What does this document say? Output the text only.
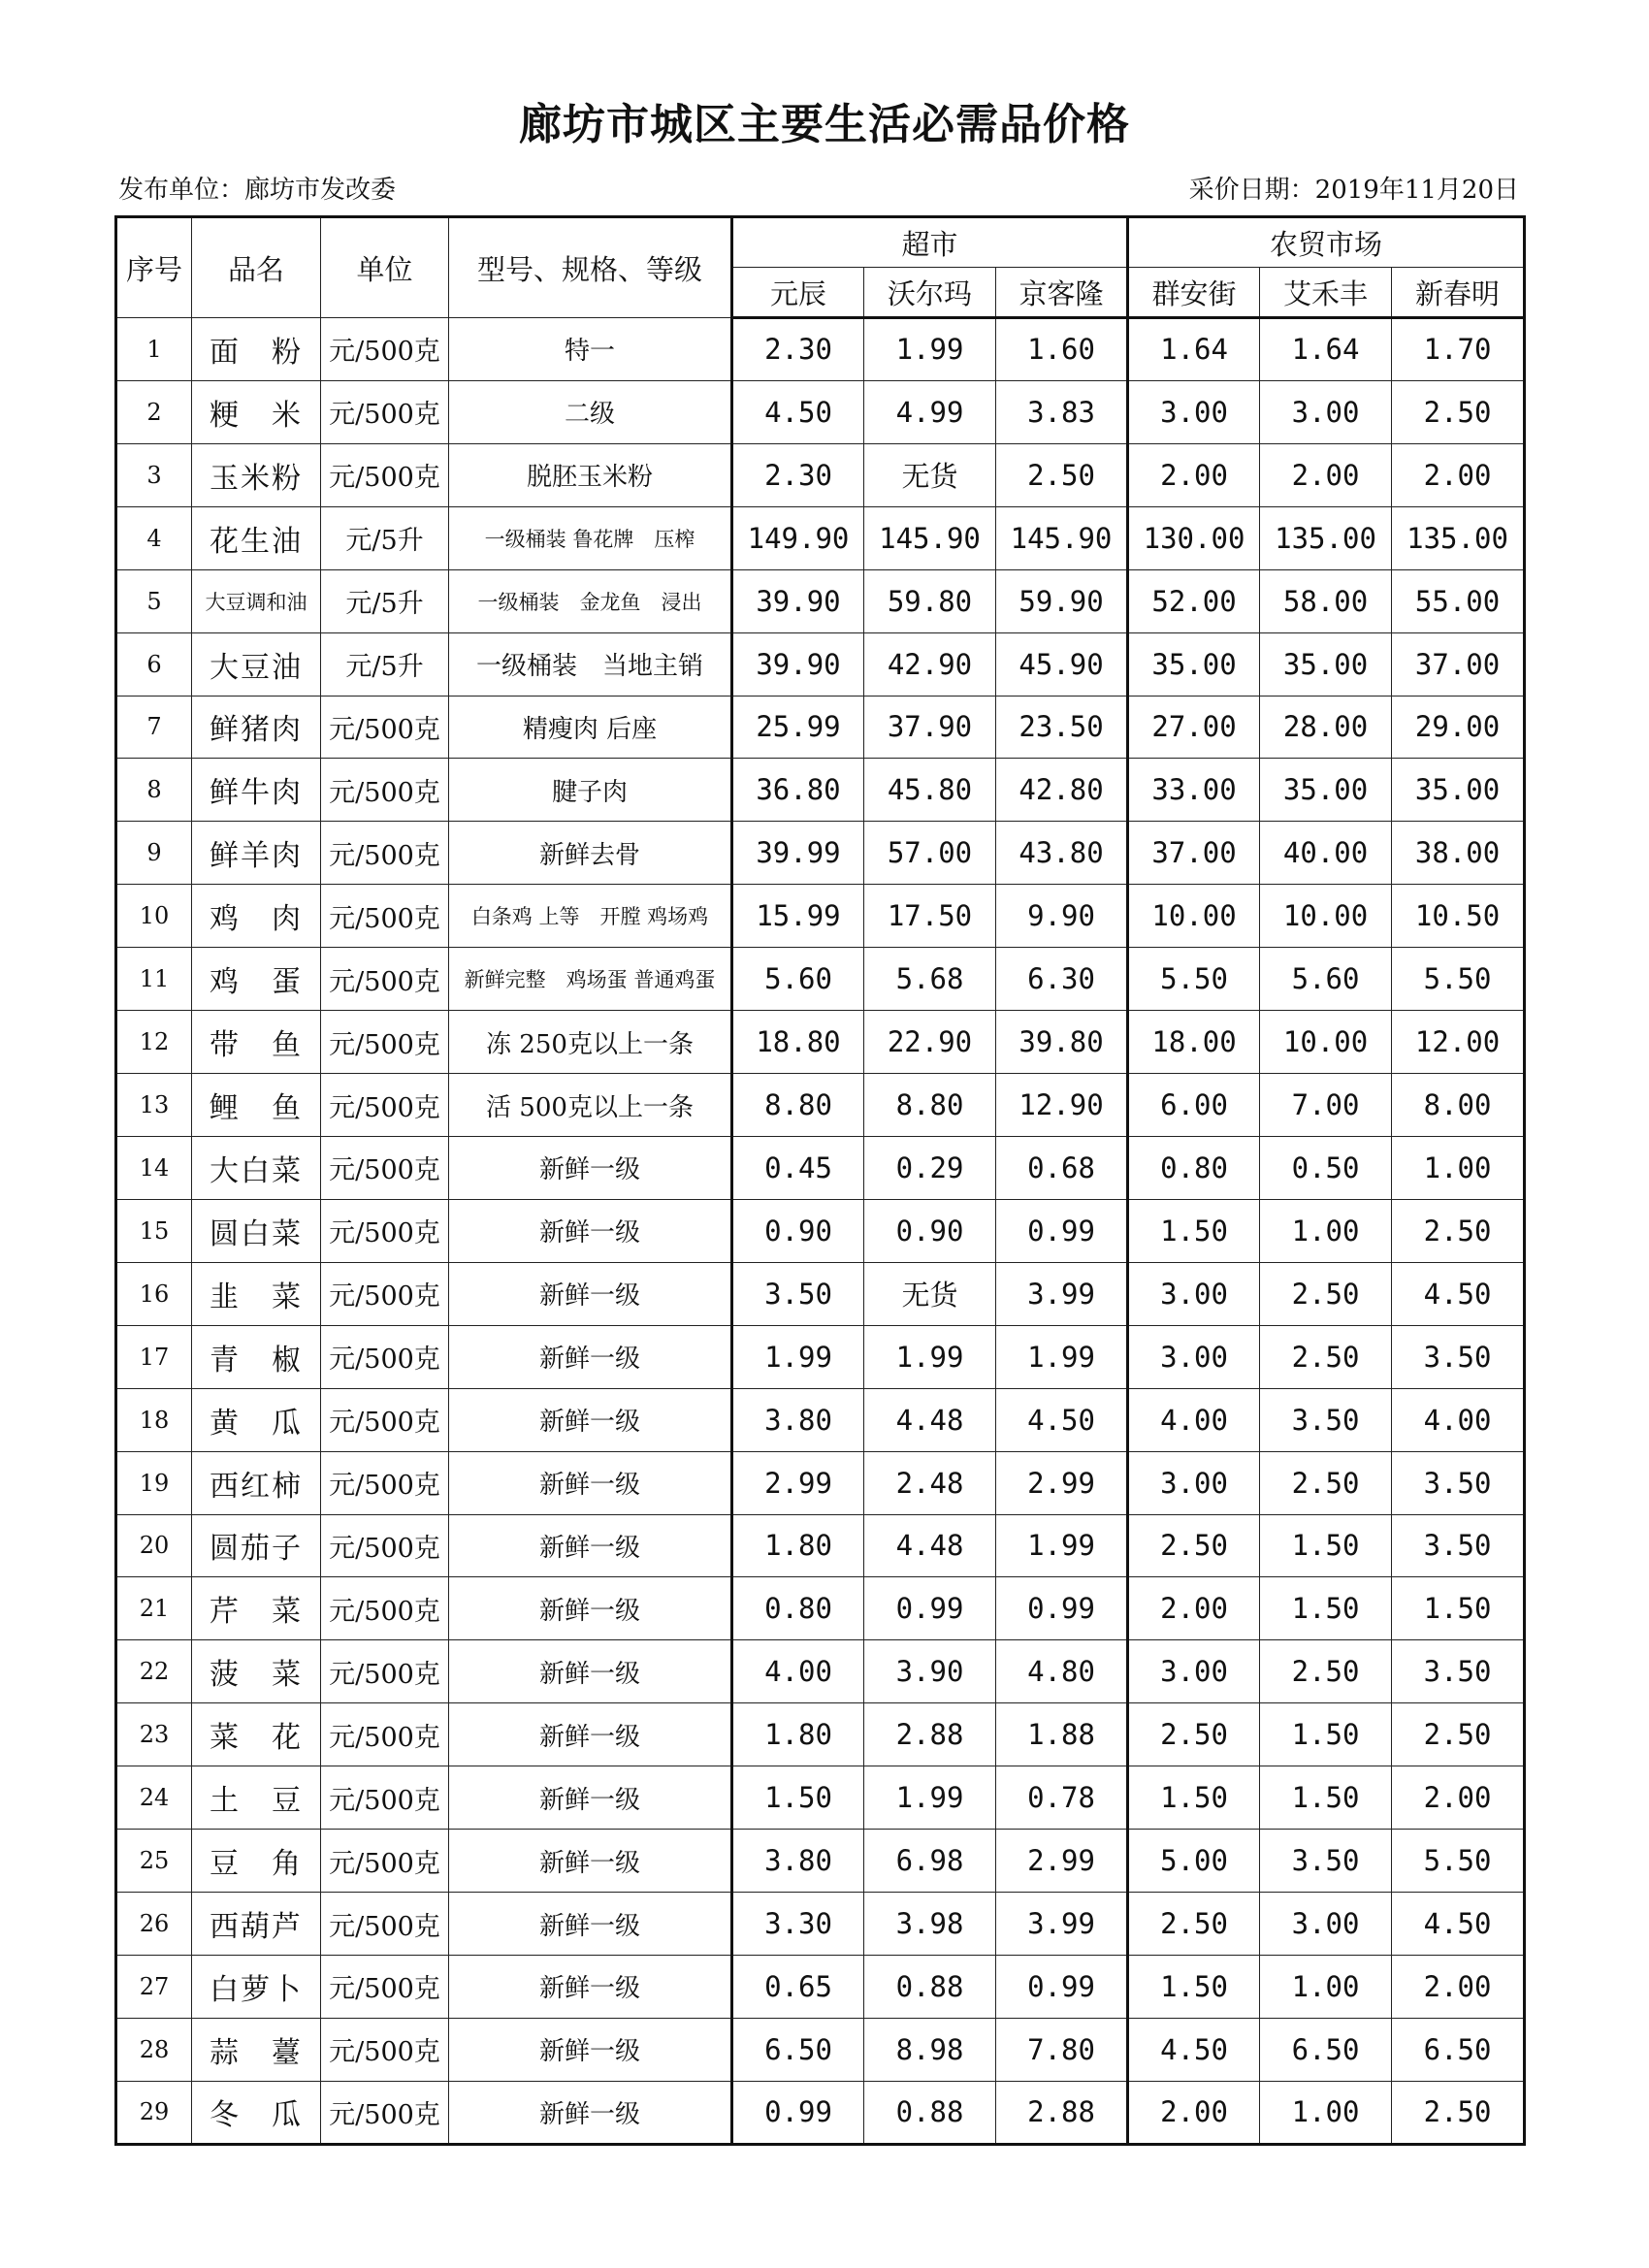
廊坊市城区主要生活必需品价格
发布单位：廊坊市发改委	采价日期：2019年11月20日
序号	品名	单位	型号、规格、等级	超市			农贸市场		
				元辰	沃尔玛	京客隆	群安街	艾禾丰	新春明
1	面　粉	元/500克	特一	2.30	1.99	1.60	1.64	1.64	1.70
2	粳　米	元/500克	二级	4.50	4.99	3.83	3.00	3.00	2.50
3	玉米粉	元/500克	脱胚玉米粉	2.30	无货	2.50	2.00	2.00	2.00
4	花生油	元/5升	一级桶装 鲁花牌　压榨	149.90	145.90	145.90	130.00	135.00	135.00
5	大豆调和油	元/5升	一级桶装　金龙鱼　浸出	39.90	59.80	59.90	52.00	58.00	55.00
6	大豆油	元/5升	一级桶装　当地主销	39.90	42.90	45.90	35.00	35.00	37.00
7	鲜猪肉	元/500克	精瘦肉 后座	25.99	37.90	23.50	27.00	28.00	29.00
8	鲜牛肉	元/500克	腱子肉	36.80	45.80	42.80	33.00	35.00	35.00
9	鲜羊肉	元/500克	新鲜去骨	39.99	57.00	43.80	37.00	40.00	38.00
10	鸡　肉	元/500克	白条鸡 上等　开膛 鸡场鸡	15.99	17.50	9.90	10.00	10.00	10.50
11	鸡　蛋	元/500克	新鲜完整　鸡场蛋 普通鸡蛋	5.60	5.68	6.30	5.50	5.60	5.50
12	带　鱼	元/500克	冻 250克以上一条	18.80	22.90	39.80	18.00	10.00	12.00
13	鲤　鱼	元/500克	活 500克以上一条	8.80	8.80	12.90	6.00	7.00	8.00
14	大白菜	元/500克	新鲜一级	0.45	0.29	0.68	0.80	0.50	1.00
15	圆白菜	元/500克	新鲜一级	0.90	0.90	0.99	1.50	1.00	2.50
16	韭　菜	元/500克	新鲜一级	3.50	无货	3.99	3.00	2.50	4.50
17	青　椒	元/500克	新鲜一级	1.99	1.99	1.99	3.00	2.50	3.50
18	黄　瓜	元/500克	新鲜一级	3.80	4.48	4.50	4.00	3.50	4.00
19	西红柿	元/500克	新鲜一级	2.99	2.48	2.99	3.00	2.50	3.50
20	圆茄子	元/500克	新鲜一级	1.80	4.48	1.99	2.50	1.50	3.50
21	芹　菜	元/500克	新鲜一级	0.80	0.99	0.99	2.00	1.50	1.50
22	菠　菜	元/500克	新鲜一级	4.00	3.90	4.80	3.00	2.50	3.50
23	菜　花	元/500克	新鲜一级	1.80	2.88	1.88	2.50	1.50	2.50
24	土　豆	元/500克	新鲜一级	1.50	1.99	0.78	1.50	1.50	2.00
25	豆　角	元/500克	新鲜一级	3.80	6.98	2.99	5.00	3.50	5.50
26	西葫芦	元/500克	新鲜一级	3.30	3.98	3.99	2.50	3.00	4.50
27	白萝卜	元/500克	新鲜一级	0.65	0.88	0.99	1.50	1.00	2.00
28	蒜　薹	元/500克	新鲜一级	6.50	8.98	7.80	4.50	6.50	6.50
29	冬　瓜	元/500克	新鲜一级	0.99	0.88	2.88	2.00	1.00	2.50
